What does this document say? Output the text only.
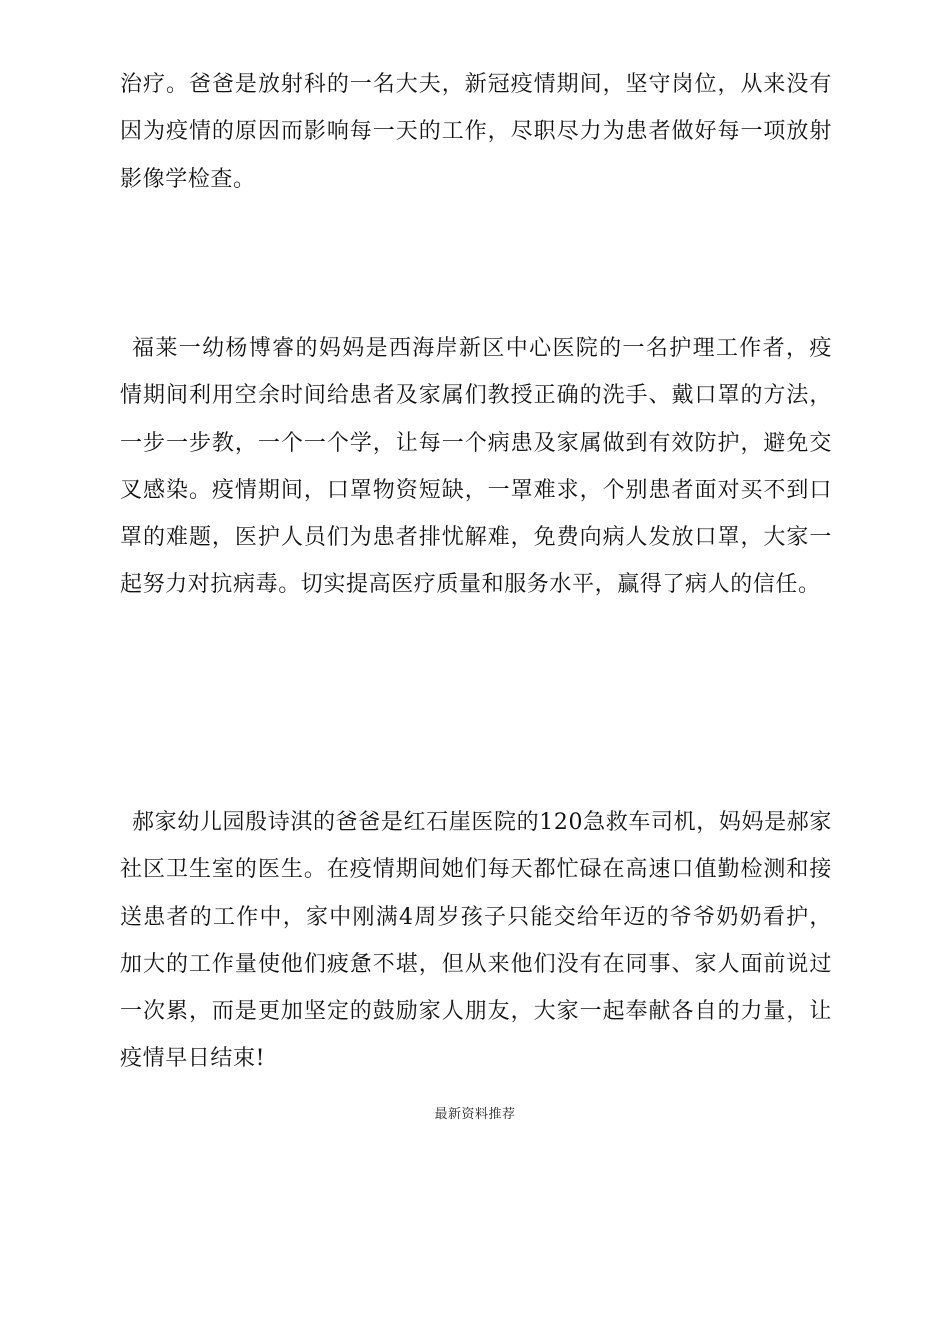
治疗。爸爸是放射科的一名大夫，新冠疫情期间，坚守岗位，从来没有因为疫情的原因而影响每一天的工作，尽职尽力为患者做好每一项放射影像学检查。

福莱一幼杨博睿的妈妈是西海岸新区中心医院的一名护理工作者，疫情期间利用空余时间给患者及家属们教授正确的洗手、戴口罩的方法，一步一步教，一个一个学，让每一个病患及家属做到有效防护，避免交叉感染。疫情期间，口罩物资短缺，一罩难求，个别患者面对买不到口罩的难题，医护人员们为患者排忧解难，免费向病人发放口罩，大家一起努力对抗病毒。切实提高医疗质量和服务水平，赢得了病人的信任。

郝家幼儿园殷诗淇的爸爸是红石崖医院的120急救车司机，妈妈是郝家社区卫生室的医生。在疫情期间她们每天都忙碌在高速口值勤检测和接送患者的工作中，家中刚满4周岁孩子只能交给年迈的爷爷奶奶看护，加大的工作量使他们疲惫不堪，但从来他们没有在同事、家人面前说过一次累，而是更加坚定的鼓励家人朋友，大家一起奉献各自的力量，让疫情早日结束!

最新资料推荐
